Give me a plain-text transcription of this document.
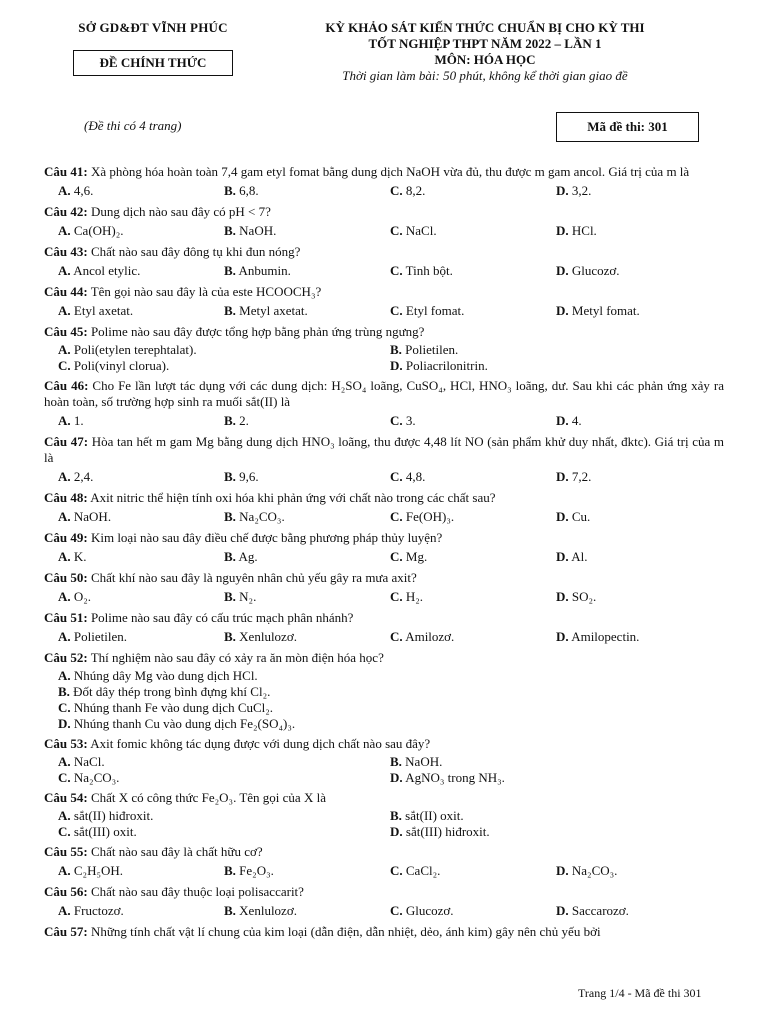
SỞ GD&ĐT VĨNH PHÚC
ĐỀ CHÍNH THỨC
(Đề thi có 4 trang)
KỲ KHẢO SÁT KIẾN THỨC CHUẨN BỊ CHO KỲ THI
TỐT NGHIỆP THPT NĂM 2022 – LẦN 1
MÔN: HÓA HỌC
Thời gian làm bài: 50 phút, không kể thời gian giao đề
Mã đề thi: 301
Câu 41: Xà phòng hóa hoàn toàn 7,4 gam etyl fomat bằng dung dịch NaOH vừa đủ, thu được m gam ancol. Giá trị của m là
A. 4,6.	B. 6,8.	C. 8,2.	D. 3,2.
Câu 42: Dung dịch nào sau đây có pH < 7?
A. Ca(OH)₂.	B. NaOH.	C. NaCl.	D. HCl.
Câu 43: Chất nào sau đây đông tụ khi đun nóng?
A. Ancol etylic.	B. Anbumin.	C. Tinh bột.	D. Glucozơ.
Câu 44: Tên gọi nào sau đây là của este HCOOCH₃?
A. Etyl axetat.	B. Metyl axetat.	C. Etyl fomat.	D. Metyl fomat.
Câu 45: Polime nào sau đây được tổng hợp bằng phản ứng trùng ngưng?
A. Poli(etylen terephtalat).	B. Polietilen.
C. Poli(vinyl clorua).	D. Poliacrilonitrin.
Câu 46: Cho Fe lần lượt tác dụng với các dung dịch: H₂SO₄ loãng, CuSO₄, HCl, HNO₃ loãng, dư. Sau khi các phản ứng xảy ra hoàn toàn, số trường hợp sinh ra muối sắt(II) là
A. 1.	B. 2.	C. 3.	D. 4.
Câu 47: Hòa tan hết m gam Mg bằng dung dịch HNO₃ loãng, thu được 4,48 lít NO (sản phẩm khử duy nhất, đktc). Giá trị của m là
A. 2,4.	B. 9,6.	C. 4,8.	D. 7,2.
Câu 48: Axit nitric thể hiện tính oxi hóa khi phản ứng với chất nào trong các chất sau?
A. NaOH.	B. Na₂CO₃.	C. Fe(OH)₃.	D. Cu.
Câu 49: Kim loại nào sau đây điều chế được bằng phương pháp thủy luyện?
A. K.	B. Ag.	C. Mg.	D. Al.
Câu 50: Chất khí nào sau đây là nguyên nhân chủ yếu gây ra mưa axit?
A. O₂.	B. N₂.	C. H₂.	D. SO₂.
Câu 51: Polime nào sau đây có cấu trúc mạch phân nhánh?
A. Polietilen.	B. Xenlulozơ.	C. Amilozơ.	D. Amilopectin.
Câu 52: Thí nghiệm nào sau đây có xảy ra ăn mòn điện hóa học?
A. Nhúng dây Mg vào dung dịch HCl.
B. Đốt dây thép trong bình đựng khí Cl₂.
C. Nhúng thanh Fe vào dung dịch CuCl₂.
D. Nhúng thanh Cu vào dung dịch Fe₂(SO₄)₃.
Câu 53: Axit fomic không tác dụng được với dung dịch chất nào sau đây?
A. NaCl.	B. NaOH.
C. Na₂CO₃.	D. AgNO₃ trong NH₃.
Câu 54: Chất X có công thức Fe₂O₃. Tên gọi của X là
A. sắt(II) hiđroxit.	B. sắt(II) oxit.
C. sắt(III) oxit.	D. sắt(III) hiđroxit.
Câu 55: Chất nào sau đây là chất hữu cơ?
A. C₂H₅OH.	B. Fe₂O₃.	C. CaCl₂.	D. Na₂CO₃.
Câu 56: Chất nào sau đây thuộc loại polisaccarit?
A. Fructozơ.	B. Xenlulozơ.	C. Glucozơ.	D. Saccarozơ.
Câu 57: Những tính chất vật lí chung của kim loại (dẫn điện, dẫn nhiệt, dẻo, ánh kim) gây nên chủ yếu bởi
Trang 1/4 - Mã đề thi 301
